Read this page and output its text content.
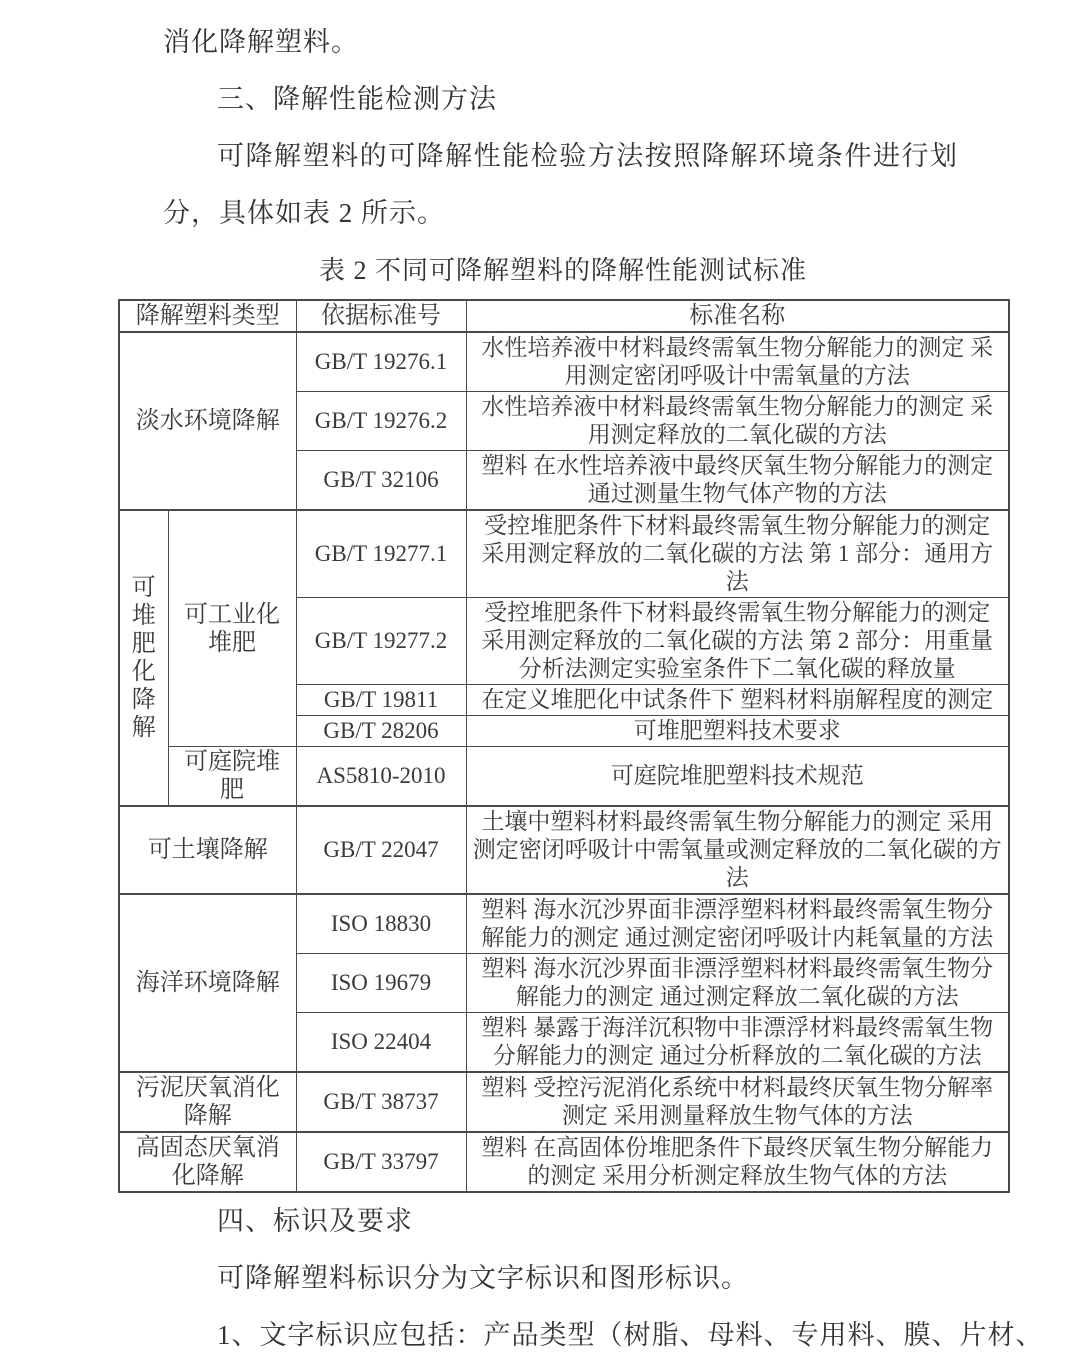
消化降解塑料。

三、降解性能检测方法

可降解塑料的可降解性能检验方法按照降解环境条件进行划分，具体如表 2 所示。

表 2 不同可降解塑料的降解性能测试标准

降解塑料类型		依据标准号	标准名称
淡水环境降解		GB/T 19276.1	水性培养液中材料最终需氧生物分解能力的测定 采用测定密闭呼吸计中需氧量的方法
		GB/T 19276.2	水性培养液中材料最终需氧生物分解能力的测定 采用测定释放的二氧化碳的方法
		GB/T 32106	塑料 在水性培养液中最终厌氧生物分解能力的测定 通过测量生物气体产物的方法
可堆肥化降解	可工业化堆肥	GB/T 19277.1	受控堆肥条件下材料最终需氧生物分解能力的测定 采用测定释放的二氧化碳的方法 第 1 部分：通用方法
		GB/T 19277.2	受控堆肥条件下材料最终需氧生物分解能力的测定 采用测定释放的二氧化碳的方法 第 2 部分：用重量分析法测定实验室条件下二氧化碳的释放量
		GB/T 19811	在定义堆肥化中试条件下 塑料材料崩解程度的测定
		GB/T 28206	可堆肥塑料技术要求
	可庭院堆肥	AS5810-2010	可庭院堆肥塑料技术规范
可土壤降解		GB/T 22047	土壤中塑料材料最终需氧生物分解能力的测定 采用测定密闭呼吸计中需氧量或测定释放的二氧化碳的方法
海洋环境降解		ISO 18830	塑料 海水沉沙界面非漂浮塑料材料最终需氧生物分解能力的测定 通过测定密闭呼吸计内耗氧量的方法
		ISO 19679	塑料 海水沉沙界面非漂浮塑料材料最终需氧生物分解能力的测定 通过测定释放二氧化碳的方法
		ISO 22404	塑料 暴露于海洋沉积物中非漂浮材料最终需氧生物分解能力的测定 通过分析释放的二氧化碳的方法
污泥厌氧消化降解		GB/T 38737	塑料 受控污泥消化系统中材料最终厌氧生物分解率测定 采用测量释放生物气体的方法
高固态厌氧消化降解		GB/T 33797	塑料 在高固体份堆肥条件下最终厌氧生物分解能力的测定 采用分析测定释放生物气体的方法

四、标识及要求

可降解塑料标识分为文字标识和图形标识。

1、文字标识应包括：产品类型（树脂、母料、专用料、膜、片材、
